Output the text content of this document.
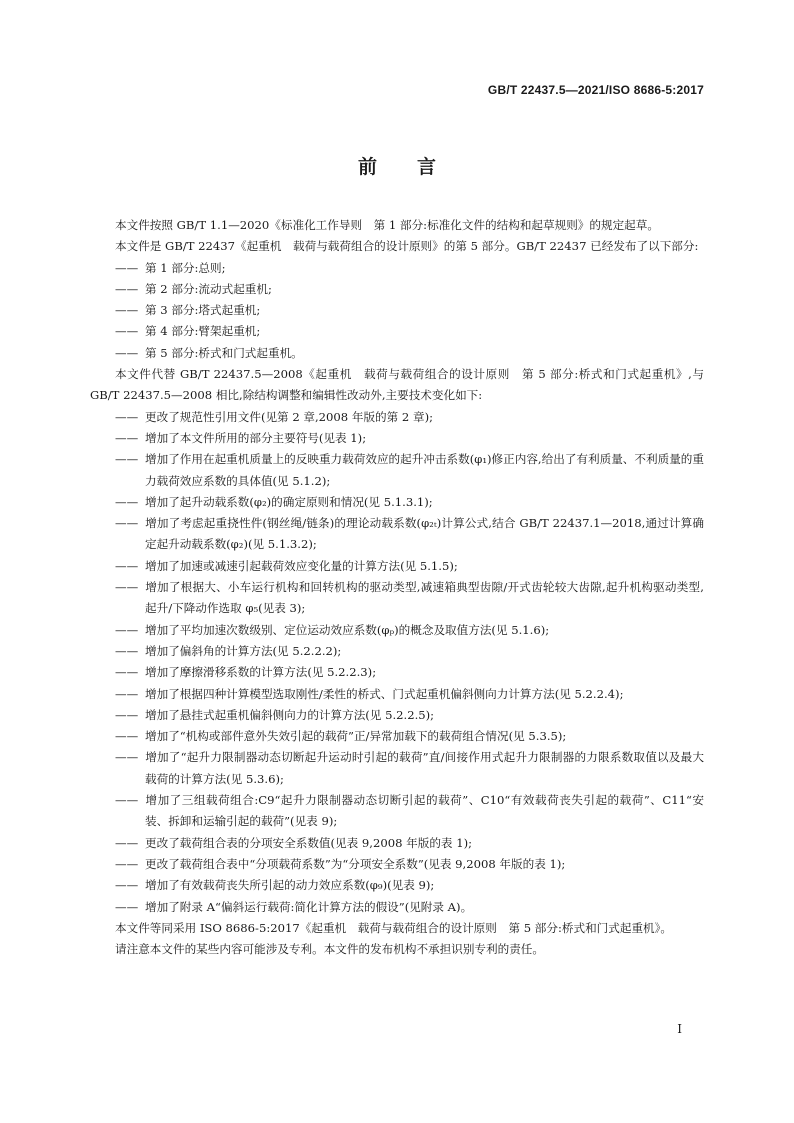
GB/T 22437.5—2021/ISO 8686-5:2017
前言

本文件按照 GB/T 1.1—2020《标准化工作导则　第 1 部分:标准化文件的结构和起草规则》的规定起草。

本文件是 GB/T 22437《起重机　载荷与载荷组合的设计原则》的第 5 部分。GB/T 22437 已经发布了以下部分:

—— 第 1 部分:总则;

—— 第 2 部分:流动式起重机;

—— 第 3 部分:塔式起重机;

—— 第 4 部分:臂架起重机;

—— 第 5 部分:桥式和门式起重机。

本文件代替 GB/T 22437.5—2008《起重机　载荷与载荷组合的设计原则　第 5 部分:桥式和门式起重机》,与 GB/T 22437.5—2008 相比,除结构调整和编辑性改动外,主要技术变化如下:

—— 更改了规范性引用文件(见第 2 章,2008 年版的第 2 章);

—— 增加了本文件所用的部分主要符号(见表 1);

—— 增加了作用在起重机质量上的反映重力载荷效应的起升冲击系数(φ₁)修正内容,给出了有利质量、不利质量的重力载荷效应系数的具体值(见 5.1.2);

—— 增加了起升动载系数(φ₂)的确定原则和情况(见 5.1.3.1);

—— 增加了考虑起重挠性件(钢丝绳/链条)的理论动载系数(φ₂ₜ)计算公式,结合 GB/T 22437.1—2018,通过计算确定起升动载系数(φ₂)(见 5.1.3.2);

—— 增加了加速或减速引起载荷效应变化量的计算方法(见 5.1.5);

—— 增加了根据大、小车运行机构和回转机构的驱动类型,减速箱典型齿隙/开式齿轮较大齿隙,起升机构驱动类型,起升/下降动作选取 φ₅(见表 3);

—— 增加了平均加速次数级别、定位运动效应系数(φₚ)的概念及取值方法(见 5.1.6);

—— 增加了偏斜角的计算方法(见 5.2.2.2);

—— 增加了摩擦滑移系数的计算方法(见 5.2.2.3);

—— 增加了根据四种计算模型选取刚性/柔性的桥式、门式起重机偏斜侧向力计算方法(见 5.2.2.4);

—— 增加了悬挂式起重机偏斜侧向力的计算方法(见 5.2.2.5);

—— 增加了“机构或部件意外失效引起的载荷”正/异常加载下的载荷组合情况(见 5.3.5);

—— 增加了“起升力限制器动态切断起升运动时引起的载荷”直/间接作用式起升力限制器的力限系数取值以及最大载荷的计算方法(见 5.3.6);

—— 增加了三组载荷组合:C9“起升力限制器动态切断引起的载荷”、C10“有效载荷丧失引起的载荷”、C11“安装、拆卸和运输引起的载荷”(见表 9);

—— 更改了载荷组合表的分项安全系数值(见表 9,2008 年版的表 1);

—— 更改了载荷组合表中“分项载荷系数”为“分项安全系数”(见表 9,2008 年版的表 1);

—— 增加了有效载荷丧失所引起的动力效应系数(φ₉)(见表 9);

—— 增加了附录 A“偏斜运行载荷:简化计算方法的假设”(见附录 A)。

本文件等同采用 ISO 8686-5:2017《起重机　载荷与载荷组合的设计原则　第 5 部分:桥式和门式起重机》。

请注意本文件的某些内容可能涉及专利。本文件的发布机构不承担识别专利的责任。

I
